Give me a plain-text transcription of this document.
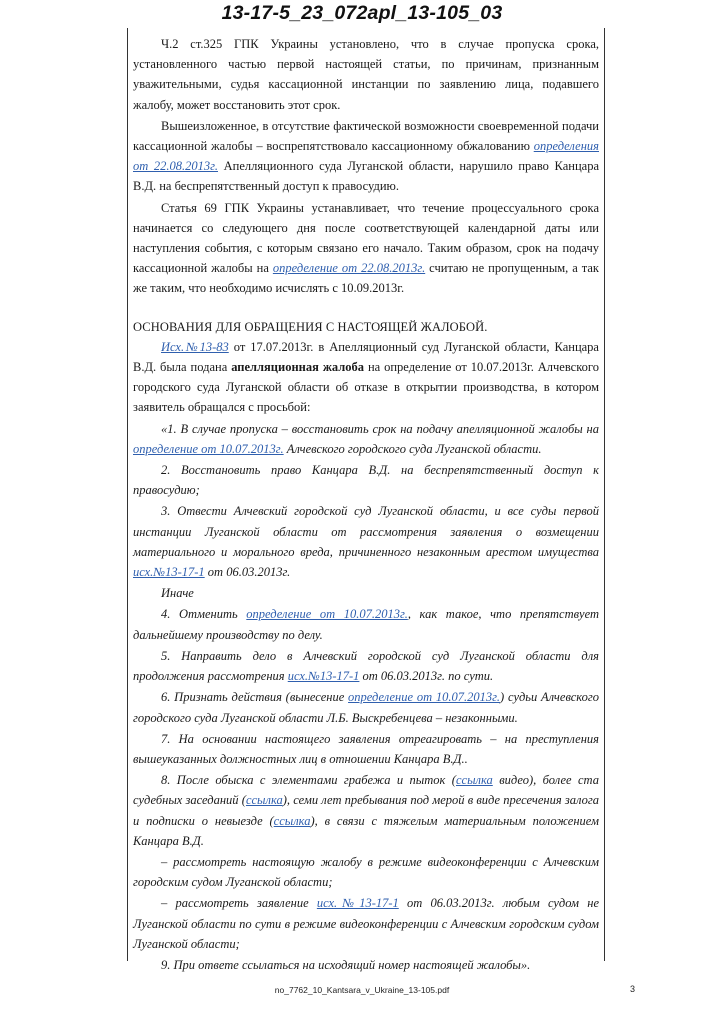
13-17-5_23_072apl_13-105_03

Ч.2 ст.325 ГПК Украины установлено, что в случае пропуска срока, установленного частью первой настоящей статьи, по причинам, признанным уважительными, судья кассационной инстанции по заявлению лица, подавшего жалобу, может восстановить этот срок.

Вышеизложенное, в отсутствие фактической возможности своевременной подачи кассационной жалобы – воспрепятствовало кассационному обжалованию определения от 22.08.2013г. Апелляционного суда Луганской области, нарушило право Канцара В.Д. на беспрепятственный доступ к правосудию.

Статья 69 ГПК Украины устанавливает, что течение процессуального срока начинается со следующего дня после соответствующей календарной даты или наступления события, с которым связано его начало. Таким образом, срок на подачу кассационной жалобы на определение от 22.08.2013г. считаю не пропущенным, а так же таким, что необходимо исчислять с 10.09.2013г.

ОСНОВАНИЯ ДЛЯ ОБРАЩЕНИЯ С НАСТОЯЩЕЙ ЖАЛОБОЙ.

Исх.№13-83 от 17.07.2013г. в Апелляционный суд Луганской области, Канцара В.Д. была подана апелляционная жалоба на определение от 10.07.2013г. Алчевского городского суда Луганской области об отказе в открытии производства, в котором заявитель обращался с просьбой:

«1. В случае пропуска – восстановить срок на подачу апелляционной жалобы на определение от 10.07.2013г. Алчевского городского суда Луганской области.

2. Восстановить право Канцара В.Д. на беспрепятственный доступ к правосудию;

3. Отвести Алчевский городской суд Луганской области, и все суды первой инстанции Луганской области от рассмотрения заявления о возмещении материального и морального вреда, причиненного незаконным арестом имущества исх.№13-17-1 от 06.03.2013г.

Иначе

4. Отменить определение от 10.07.2013г., как такое, что препятствует дальнейшему производству по делу.

5. Направить дело в Алчевский городской суд Луганской области для продолжения рассмотрения исх.№13-17-1 от 06.03.2013г. по сути.

6. Признать действия (вынесение определение от 10.07.2013г.) судьи Алчевского городского суда Луганской области Л.Б. Выскребенцева – незаконными.

7. На основании настоящего заявления отреагировать – на преступления вышеуказанных должностных лиц в отношении Канцара В.Д..

8. После обыска с элементами грабежа и пыток (ссылка видео), более ста судебных заседаний (ссылка), семи лет пребывания под мерой в виде пресечения залога и подписки о невыезде (ссылка), в связи с тяжелым материальным положением Канцара В.Д.

– рассмотреть настоящую жалобу в режиме видеоконференции с Алчевским городским судом Луганской области;

– рассмотреть заявление исх.№13-17-1 от 06.03.2013г. любым судом не Луганской области по сути в режиме видеоконференции с Алчевским городским судом Луганской области;

9. При ответе ссылаться на исходящий номер настоящей жалобы».

no_7762_10_Kantsara_v_Ukraine_13-105.pdf	3
